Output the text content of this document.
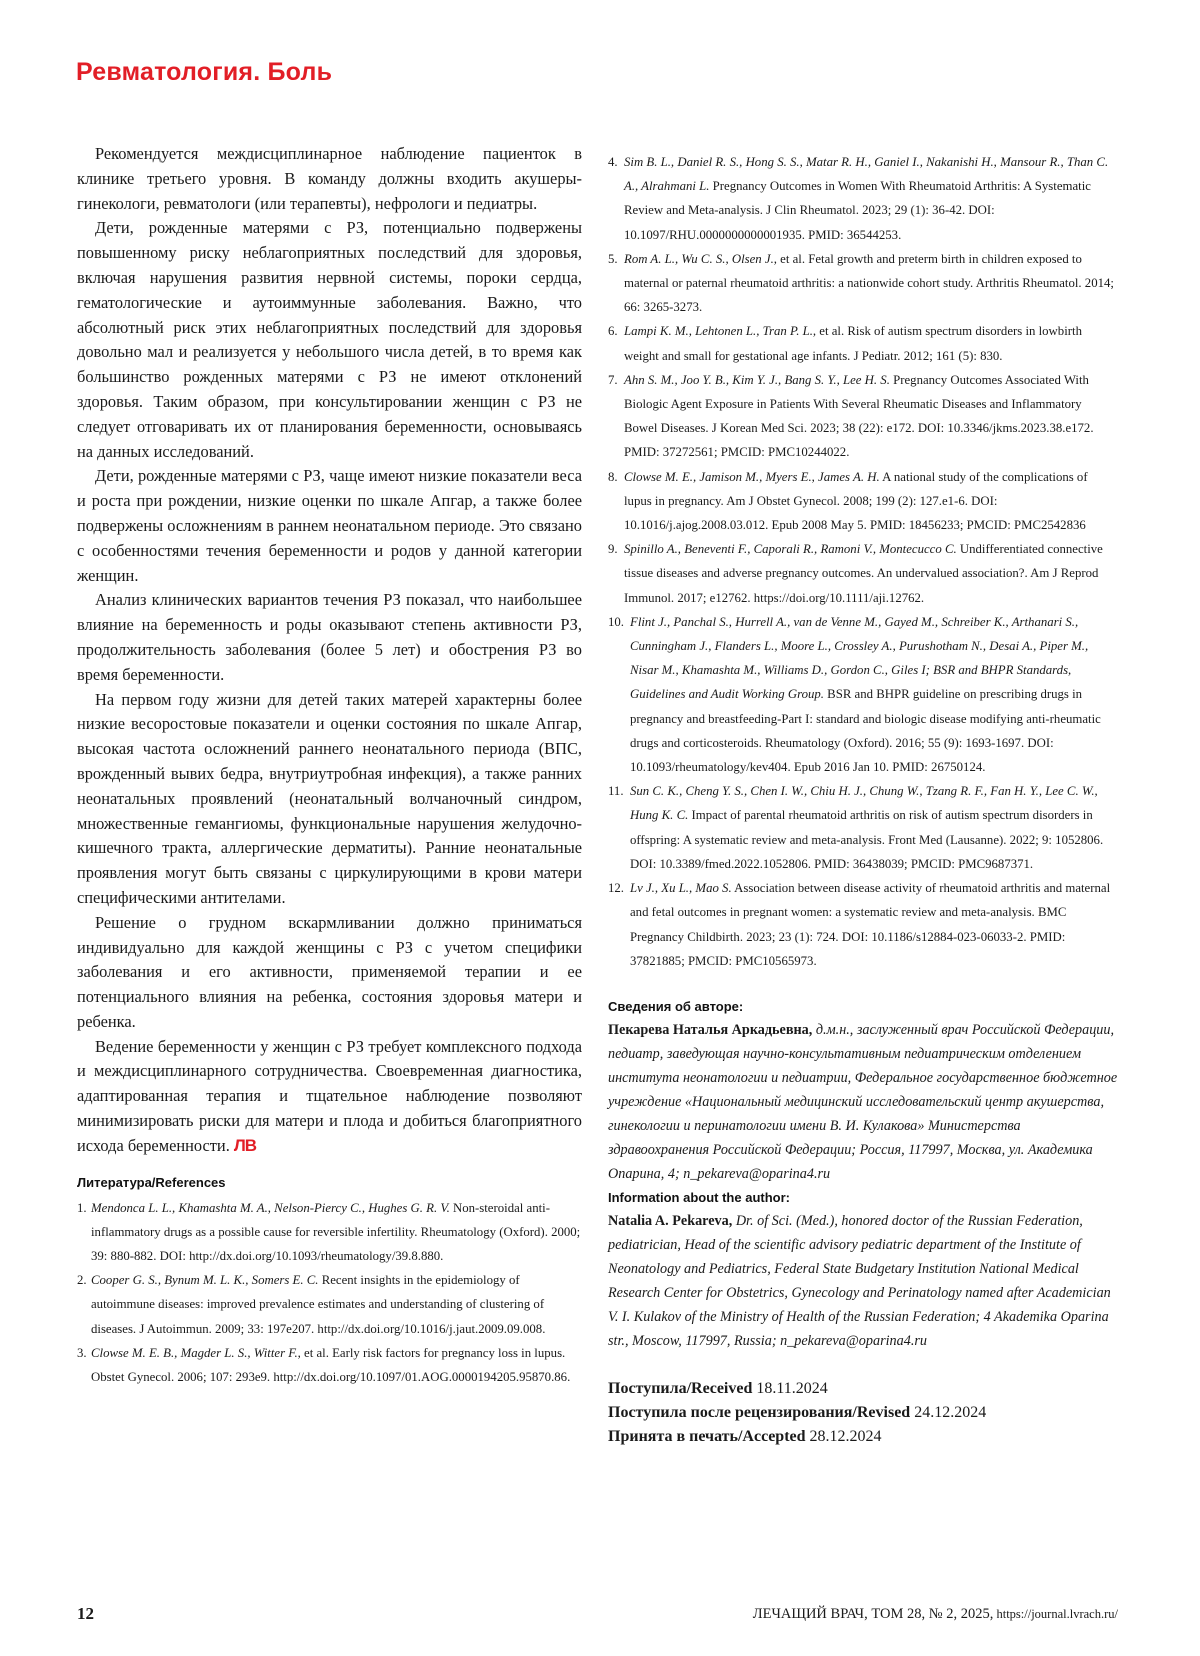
Ревматология. Боль

Рекомендуется междисциплинарное наблюдение пациенток в клинике третьего уровня. В команду должны входить акушеры-гинекологи, ревматологи (или терапевты), нефрологи и педиатры.

Дети, рожденные матерями с РЗ, потенциально подвержены повышенному риску неблагоприятных последствий для здоровья, включая нарушения развития нервной системы, пороки сердца, гематологические и аутоиммунные заболевания. Важно, что абсолютный риск этих неблагоприятных последствий для здоровья довольно мал и реализуется у небольшого числа детей, в то время как большинство рожденных матерями с РЗ не имеют отклонений здоровья. Таким образом, при консультировании женщин с РЗ не следует отговаривать их от планирования беременности, основываясь на данных исследований.

Дети, рожденные матерями с РЗ, чаще имеют низкие показатели веса и роста при рождении, низкие оценки по шкале Апгар, а также более подвержены осложнениям в раннем неонатальном периоде. Это связано с особенностями течения беременности и родов у данной категории женщин.

Анализ клинических вариантов течения РЗ показал, что наибольшее влияние на беременность и роды оказывают степень активности РЗ, продолжительность заболевания (более 5 лет) и обострения РЗ во время беременности.

На первом году жизни для детей таких матерей характерны более низкие весоростовые показатели и оценки состояния по шкале Апгар, высокая частота осложнений раннего неонатального периода (ВПС, врожденный вывих бедра, внутриутробная инфекция), а также ранних неонатальных проявлений (неонатальный волчаночный синдром, множественные гемангиомы, функциональные нарушения желудочно-кишечного тракта, аллергические дерматиты). Ранние неонатальные проявления могут быть связаны с циркулирующими в крови матери специфическими антителами.

Решение о грудном вскармливании должно приниматься индивидуально для каждой женщины с РЗ с учетом специфики заболевания и его активности, применяемой терапии и ее потенциального влияния на ребенка, состояния здоровья матери и ребенка.

Ведение беременности у женщин с РЗ требует комплексного подхода и междисциплинарного сотрудничества. Своевременная диагностика, адаптированная терапия и тщательное наблюдение позволяют минимизировать риски для матери и плода и добиться благоприятного исхода беременности. ЛВ

Литература/References
1. Mendonca L. L., Khamashta M. A., Nelson-Piercy C., Hughes G. R. V. Non-steroidal anti-inflammatory drugs as a possible cause for reversible infertility. Rheumatology (Oxford). 2000; 39: 880-882. DOI: http://dx.doi.org/10.1093/rheumatology/39.8.880.
2. Cooper G. S., Bynum M. L. K., Somers E. C. Recent insights in the epidemiology of autoimmune diseases: improved prevalence estimates and understanding of clustering of diseases. J Autoimmun. 2009; 33: 197e207. http://dx.doi.org/10.1016/j.jaut.2009.09.008.
3. Clowse M. E. B., Magder L. S., Witter F., et al. Early risk factors for pregnancy loss in lupus. Obstet Gynecol. 2006; 107: 293e9. http://dx.doi.org/10.1097/01.AOG.0000194205.95870.86.
4. Sim B. L., Daniel R. S., Hong S. S., Matar R. H., Ganiel I., Nakanishi H., Mansour R., Than C. A., Alrahmani L. Pregnancy Outcomes in Women With Rheumatoid Arthritis: A Systematic Review and Meta-analysis. J Clin Rheumatol. 2023; 29 (1): 36-42. DOI: 10.1097/RHU.0000000000001935. PMID: 36544253.
5. Rom A. L., Wu C. S., Olsen J., et al. Fetal growth and preterm birth in children exposed to maternal or paternal rheumatoid arthritis: a nationwide cohort study. Arthritis Rheumatol. 2014; 66: 3265-3273.
6. Lampi K. M., Lehtonen L., Tran P. L., et al. Risk of autism spectrum disorders in lowbirth weight and small for gestational age infants. J Pediatr. 2012; 161 (5): 830.
7. Ahn S. M., Joo Y. B., Kim Y. J., Bang S. Y., Lee H. S. Pregnancy Outcomes Associated With Biologic Agent Exposure in Patients With Several Rheumatic Diseases and Inflammatory Bowel Diseases. J Korean Med Sci. 2023; 38 (22): e172. DOI: 10.3346/jkms.2023.38.e172. PMID: 37272561; PMCID: PMC10244022.
8. Clowse M. E., Jamison M., Myers E., James A. H. A national study of the complications of lupus in pregnancy. Am J Obstet Gynecol. 2008; 199 (2): 127.e1-6. DOI: 10.1016/j.ajog.2008.03.012. Epub 2008 May 5. PMID: 18456233; PMCID: PMC2542836
9. Spinillo A., Beneventi F., Caporali R., Ramoni V., Montecucco C. Undifferentiated connective tissue diseases and adverse pregnancy outcomes. An undervalued association?. Am J Reprod Immunol. 2017; e12762. https://doi.org/10.1111/aji.12762.
10. Flint J., Panchal S., Hurrell A., van de Venne M., Gayed M., Schreiber K., Arthanari S., Cunningham J., Flanders L., Moore L., Crossley A., Purushotham N., Desai A., Piper M., Nisar M., Khamashta M., Williams D., Gordon C., Giles I; BSR and BHPR Standards, Guidelines and Audit Working Group. BSR and BHPR guideline on prescribing drugs in pregnancy and breastfeeding-Part I: standard and biologic disease modifying anti-rheumatic drugs and corticosteroids. Rheumatology (Oxford). 2016; 55 (9): 1693-1697. DOI: 10.1093/rheumatology/kev404. Epub 2016 Jan 10. PMID: 26750124.
11. Sun C. K., Cheng Y. S., Chen I. W., Chiu H. J., Chung W., Tzang R. F., Fan H. Y., Lee C. W., Hung K. C. Impact of parental rheumatoid arthritis on risk of autism spectrum disorders in offspring: A systematic review and meta-analysis. Front Med (Lausanne). 2022; 9: 1052806. DOI: 10.3389/fmed.2022.1052806. PMID: 36438039; PMCID: PMC9687371.
12. Lv J., Xu L., Mao S. Association between disease activity of rheumatoid arthritis and maternal and fetal outcomes in pregnant women: a systematic review and meta-analysis. BMC Pregnancy Childbirth. 2023; 23 (1): 724. DOI: 10.1186/s12884-023-06033-2. PMID: 37821885; PMCID: PMC10565973.
Сведения об авторе:

Пекарева Наталья Аркадьевна, д.м.н., заслуженный врач Российской Федерации, педиатр, заведующая научно-консультативным педиатрическим отделением института неонатологии и педиатрии, Федеральное государственное бюджетное учреждение «Национальный медицинский исследовательский центр акушерства, гинекологии и перинатологии имени В. И. Кулакова» Министерства здравоохранения Российской Федерации; Россия, 117997, Москва, ул. Академика Опарина, 4; n_pekareva@oparina4.ru

Information about the author:

Natalia A. Pekareva, Dr. of Sci. (Med.), honored doctor of the Russian Federation, pediatrician, Head of the scientific advisory pediatric department of the Institute of Neonatology and Pediatrics, Federal State Budgetary Institution National Medical Research Center for Obstetrics, Gynecology and Perinatology named after Academician V. I. Kulakov of the Ministry of Health of the Russian Federation; 4 Akademika Oparina str., Moscow, 117997, Russia; n_pekareva@oparina4.ru

Поступила/Received 18.11.2024
Поступила после рецензирования/Revised 24.12.2024
Принята в печать/Accepted 28.12.2024
12	ЛЕЧАЩИЙ ВРАЧ, ТОМ 28, № 2, 2025, https://journal.lvrach.ru/
